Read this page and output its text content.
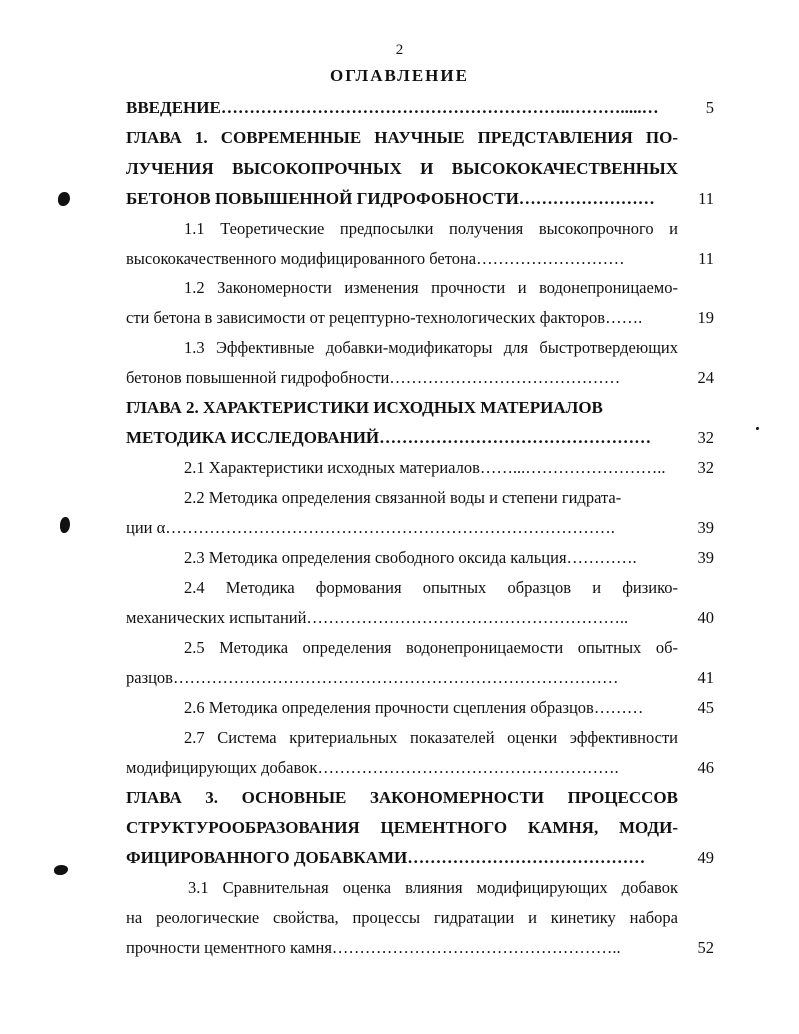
2
ОГЛАВЛЕНИЕ
ВВЕДЕНИЕ……………………………………………………..……….....…
ГЛАВА 1. СОВРЕМЕННЫЕ НАУЧНЫЕ ПРЕДСТАВЛЕНИЯ ПО-
ЛУЧЕНИЯ ВЫСОКОПРОЧНЫХ И ВЫСОКОКАЧЕСТВЕННЫХ
БЕТОНОВ ПОВЫШЕННОЙ ГИДРОФОБНОСТИ……………………
1.1 Теоретические предпосылки получения высокопрочного и
высококачественного модифицированного бетона………………………
1.2 Закономерности изменения прочности и водонепроницаемо-
сти бетона в зависимости от рецептурно-технологических факторов…….
1.3 Эффективные добавки-модификаторы для быстротвердеющих
бетонов повышенной гидрофобности……………………………………
ГЛАВА 2. ХАРАКТЕРИСТИКИ ИСХОДНЫХ МАТЕРИАЛОВ
МЕТОДИКА ИССЛЕДОВАНИЙ…………………………………………
2.1 Характеристики исходных материалов……...……………………..
2.2 Методика определения связанной воды и степени гидрата-
ции α……………………………………………………………………….
2.3 Методика определения свободного оксида кальция………….
2.4 Методика формования опытных образцов и физико-
механических испытаний…………………………………………………..
2.5 Методика определения водонепроницаемости опытных об-
разцов………………………………………………………………………
2.6 Методика определения прочности сцепления образцов………
2.7 Система критериальных показателей оценки эффективности
модифицирующих добавок……………………………………………….
ГЛАВА 3. ОСНОВНЫЕ ЗАКОНОМЕРНОСТИ ПРОЦЕССОВ
СТРУКТУРООБРАЗОВАНИЯ ЦЕМЕНТНОГО КАМНЯ, МОДИ-
ФИЦИРОВАННОГО ДОБАВКАМИ……………………………………
3.1 Сравнительная оценка влияния модифицирующих добавок
на реологические свойства, процессы гидратации и кинетику набора
прочности цементного камня……………………………………………..
5
11
11
19
24
32
32
39
39
40
41
45
46
49
52
